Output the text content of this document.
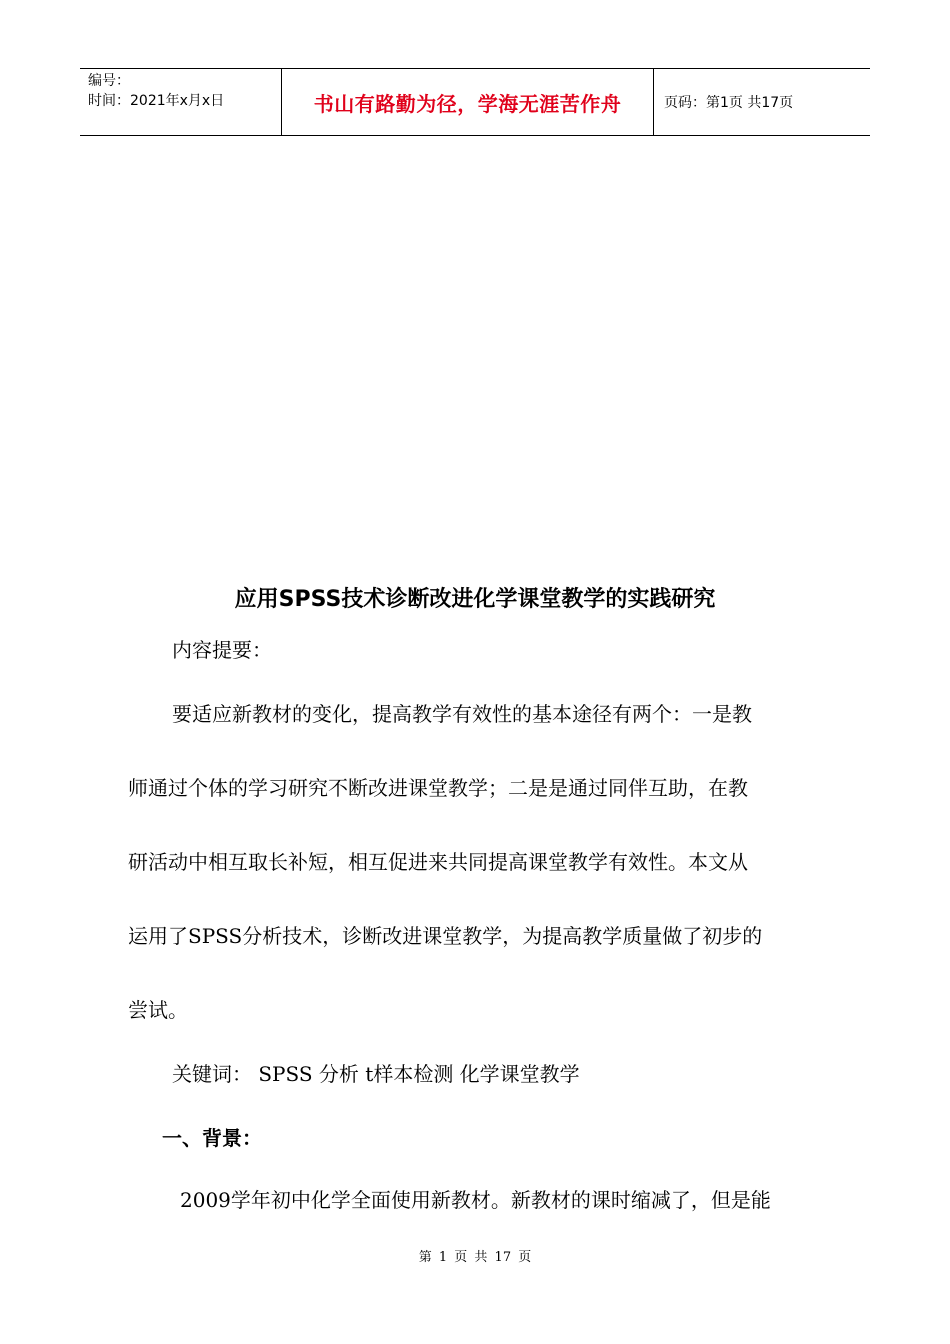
编号：
时间：2021年x月x日	书山有路勤为径，学海无涯苦作舟	页码：第1页 共17页
应用SPSS技术诊断改进化学课堂教学的实践研究
内容提要：
要适应新教材的变化，提高教学有效性的基本途径有两个：一是教
师通过个体的学习研究不断改进课堂教学；二是是通过同伴互助，在教
研活动中相互取长补短，相互促进来共同提高课堂教学有效性。本文从
运用了SPSS分析技术，诊断改进课堂教学，为提高教学质量做了初步的
尝试。
关键词： SPSS 分析 t样本检测 化学课堂教学
一、背景：
2009学年初中化学全面使用新教材。新教材的课时缩减了，但是能
第 1 页 共 17 页
